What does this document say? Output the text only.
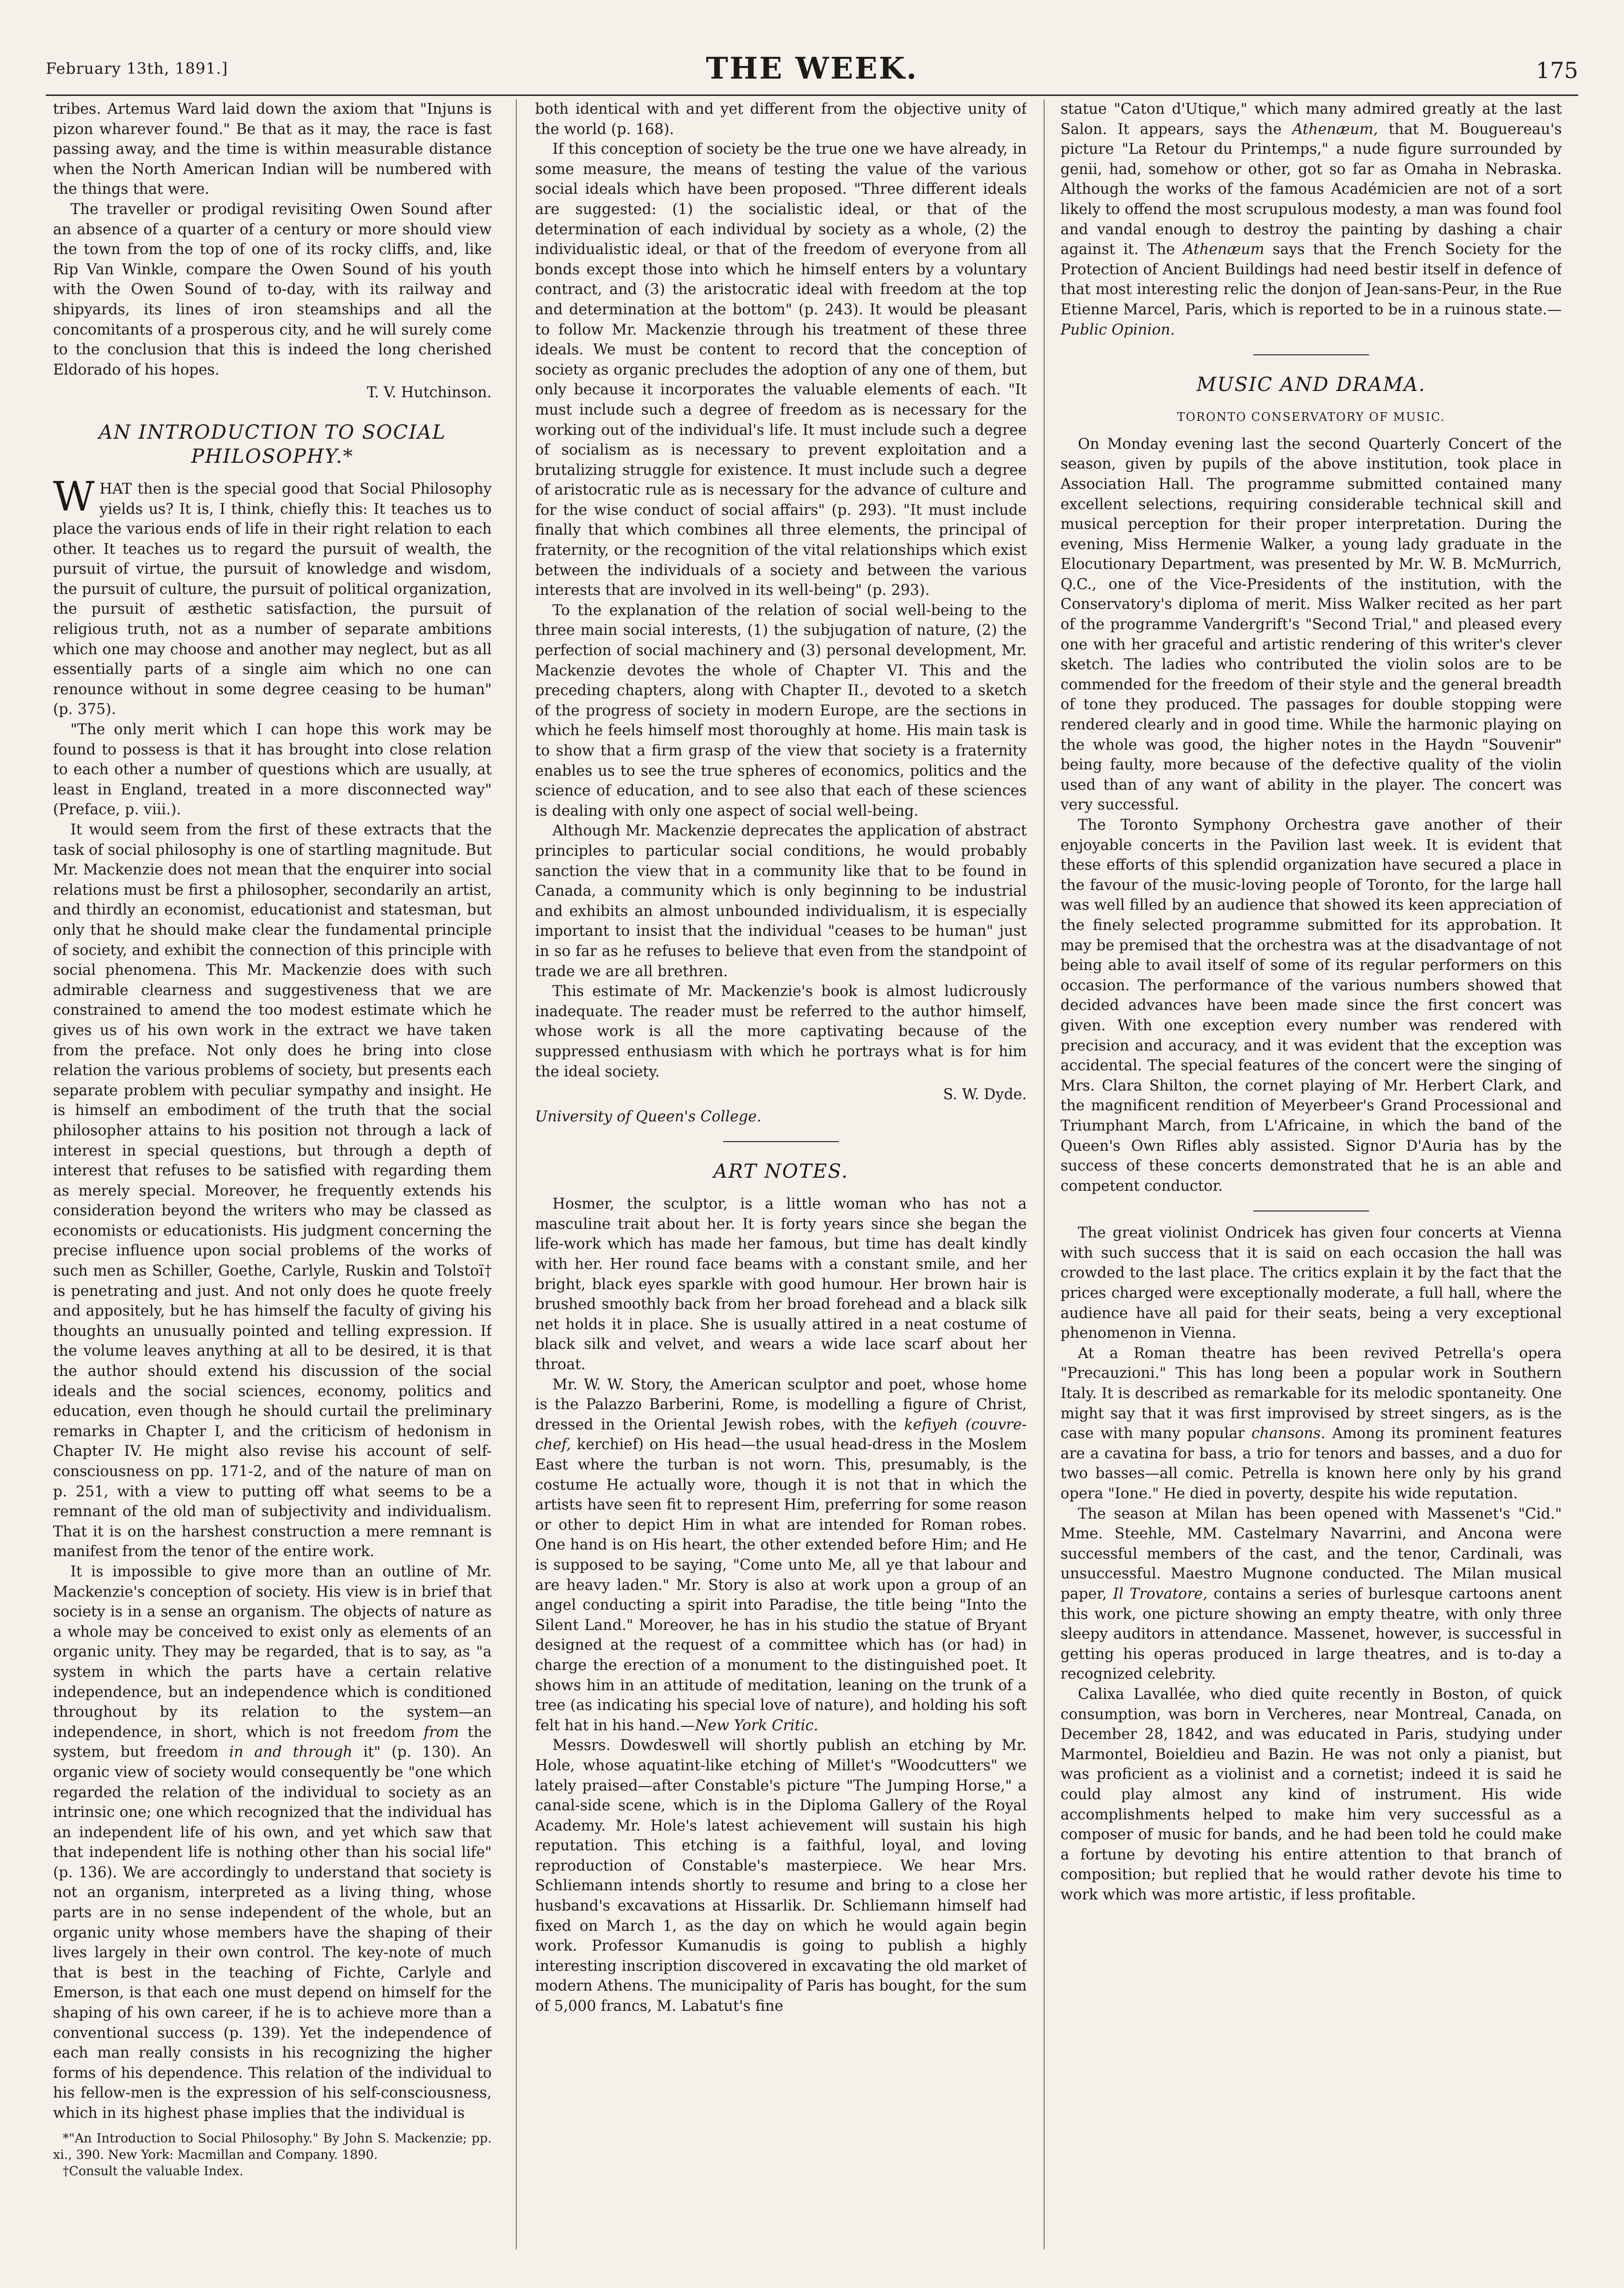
February 13th, 1891.]	THE WEEK.	175

tribes. Artemus Ward laid down the axiom that "Injuns is pizon wharever found." Be that as it may, the race is fast passing away, and the time is within measurable distance when the North American Indian will be numbered with the things that were.

The traveller or prodigal revisiting Owen Sound after an absence of a quarter of a century or more should view the town from the top of one of its rocky cliffs, and, like Rip Van Winkle, compare the Owen Sound of his youth with the Owen Sound of to-day, with its railway and shipyards, its lines of iron steamships and all the concomitants of a prosperous city, and he will surely come to the conclusion that this is indeed the long cherished Eldorado of his hopes.

T. V. Hutchinson.

AN INTRODUCTION TO SOCIAL PHILOSOPHY.*

WHAT then is the special good that Social Philosophy yields us? It is, I think, chiefly this: It teaches us to place the various ends of life in their right relation to each other. It teaches us to regard the pursuit of wealth, the pursuit of virtue, the pursuit of knowledge and wisdom, the pursuit of culture, the pursuit of political organization, the pursuit of æsthetic satisfaction, the pursuit of religious truth, not as a number of separate ambitions which one may choose and another may neglect, but as all essentially parts of a single aim which no one can renounce without in some degree ceasing to be human" (p. 375).

"The only merit which I can hope this work may be found to possess is that it has brought into close relation to each other a number of questions which are usually, at least in England, treated in a more disconnected way" (Preface, p. viii.).

It would seem from the first of these extracts that the task of social philosophy is one of startling magnitude. But Mr. Mackenzie does not mean that the enquirer into social relations must be first a philosopher, secondarily an artist, and thirdly an economist, educationist and statesman, but only that he should make clear the fundamental principle of society, and exhibit the connection of this principle with social phenomena. This Mr. Mackenzie does with such admirable clearness and suggestiveness that we are constrained to amend the too modest estimate which he gives us of his own work in the extract we have taken from the preface. Not only does he bring into close relation the various problems of society, but presents each separate problem with peculiar sympathy and insight. He is himself an embodiment of the truth that the social philosopher attains to his position not through a lack of interest in special questions, but through a depth of interest that refuses to be satisfied with regarding them as merely special. Moreover, he frequently extends his consideration beyond the writers who may be classed as economists or educationists. His judgment concerning the precise influence upon social problems of the works of such men as Schiller, Goethe, Carlyle, Ruskin and Tolstoï† is penetrating and just. And not only does he quote freely and appositely, but he has himself the faculty of giving his thoughts an unusually pointed and telling expression. If the volume leaves anything at all to be desired, it is that the author should extend his discussion of the social ideals and the social sciences, economy, politics and education, even though he should curtail the preliminary remarks in Chapter I, and the criticism of hedonism in Chapter IV. He might also revise his account of self-consciousness on pp. 171-2, and of the nature of man on p. 251, with a view to putting off what seems to be a remnant of the old man of subjectivity and individualism. That it is on the harshest construction a mere remnant is manifest from the tenor of the entire work.

It is impossible to give more than an outline of Mr. Mackenzie's conception of society. His view is in brief that society is in a sense an organism. The objects of nature as a whole may be conceived to exist only as elements of an organic unity. They may be regarded, that is to say, as "a system in which the parts have a certain relative independence, but an independence which is conditioned throughout by its relation to the system—an independence, in short, which is not freedom from the system, but freedom in and through it" (p. 130). An organic view of society would consequently be "one which regarded the relation of the individual to society as an intrinsic one; one which recognized that the individual has an independent life of his own, and yet which saw that that independent life is nothing other than his social life" (p. 136). We are accordingly to understand that society is not an organism, interpreted as a living thing, whose parts are in no sense independent of the whole, but an organic unity whose members have the shaping of their lives largely in their own control. The key-note of much that is best in the teaching of Fichte, Carlyle and Emerson, is that each one must depend on himself for the shaping of his own career, if he is to achieve more than a conventional success (p. 139). Yet the independence of each man really consists in his recognizing the higher forms of his dependence. This relation of the individual to his fellow-men is the expression of his self-consciousness, which in its highest phase implies that the individual is

*"An Introduction to Social Philosophy." By John S. Mackenzie; pp. xi., 390. New York: Macmillan and Company. 1890.

†Consult the valuable Index.

both identical with and yet different from the objective unity of the world (p. 168).

If this conception of society be the true one we have already, in some measure, the means of testing the value of the various social ideals which have been proposed. "Three different ideals are suggested: (1) the socialistic ideal, or that of the determination of each individual by society as a whole, (2) the individualistic ideal, or that of the freedom of everyone from all bonds except those into which he himself enters by a voluntary contract, and (3) the aristocratic ideal with freedom at the top and determination at the bottom" (p. 243). It would be pleasant to follow Mr. Mackenzie through his treatment of these three ideals. We must be content to record that the conception of society as organic precludes the adoption of any one of them, but only because it incorporates the valuable elements of each. "It must include such a degree of freedom as is necessary for the working out of the individual's life. It must include such a degree of socialism as is necessary to prevent exploitation and a brutalizing struggle for existence. It must include such a degree of aristocratic rule as is necessary for the advance of culture and for the wise conduct of social affairs" (p. 293). "It must include finally that which combines all three elements, the principal of fraternity, or the recognition of the vital relationships which exist between the individuals of a society and between the various interests that are involved in its well-being" (p. 293).

To the explanation of the relation of social well-being to the three main social interests, (1) the subjugation of nature, (2) the perfection of social machinery and (3) personal development, Mr. Mackenzie devotes the whole of Chapter VI. This and the preceding chapters, along with Chapter II., devoted to a sketch of the progress of society in modern Europe, are the sections in which he feels himself most thoroughly at home. His main task is to show that a firm grasp of the view that society is a fraternity enables us to see the true spheres of economics, politics and the science of education, and to see also that each of these sciences is dealing with only one aspect of social well-being.

Although Mr. Mackenzie deprecates the application of abstract principles to particular social conditions, he would probably sanction the view that in a community like that to be found in Canada, a community which is only beginning to be industrial and exhibits an almost unbounded individualism, it is especially important to insist that the individual "ceases to be human" just in so far as he refuses to believe that even from the standpoint of trade we are all brethren.

This estimate of Mr. Mackenzie's book is almost ludicrously inadequate. The reader must be referred to the author himself, whose work is all the more captivating because of the suppressed enthusiasm with which he portrays what is for him the ideal society.

S. W. Dyde.

University of Queen's College.

ART NOTES.

Hosmer, the sculptor, is a little woman who has not a masculine trait about her. It is forty years since she began the life-work which has made her famous, but time has dealt kindly with her. Her round face beams with a constant smile, and her bright, black eyes sparkle with good humour. Her brown hair is brushed smoothly back from her broad forehead and a black silk net holds it in place. She is usually attired in a neat costume of black silk and velvet, and wears a wide lace scarf about her throat.

Mr. W. W. Story, the American sculptor and poet, whose home is the Palazzo Barberini, Rome, is modelling a figure of Christ, dressed in the Oriental Jewish robes, with the kefiyeh (couvre-chef, kerchief) on His head—the usual head-dress in the Moslem East where the turban is not worn. This, presumably, is the costume He actually wore, though it is not that in which the artists have seen fit to represent Him, preferring for some reason or other to depict Him in what are intended for Roman robes. One hand is on His heart, the other extended before Him; and He is supposed to be saying, "Come unto Me, all ye that labour and are heavy laden." Mr. Story is also at work upon a group of an angel conducting a spirit into Paradise, the title being "Into the Silent Land." Moreover, he has in his studio the statue of Bryant designed at the request of a committee which has (or had) in charge the erection of a monument to the distinguished poet. It shows him in an attitude of meditation, leaning on the trunk of a tree (as indicating his special love of nature), and holding his soft felt hat in his hand.—New York Critic.

Messrs. Dowdeswell will shortly publish an etching by Mr. Hole, whose aquatint-like etching of Millet's "Woodcutters" we lately praised—after Constable's picture "The Jumping Horse," a canal-side scene, which is in the Diploma Gallery of the Royal Academy. Mr. Hole's latest achievement will sustain his high reputation. This etching is a faithful, loyal, and loving reproduction of Constable's masterpiece. We hear Mrs. Schliemann intends shortly to resume and bring to a close her husband's excavations at Hissarlik. Dr. Schliemann himself had fixed on March 1, as the day on which he would again begin work. Professor Kumanudis is going to publish a highly interesting inscription discovered in excavating the old market of modern Athens. The municipality of Paris has bought, for the sum of 5,000 francs, M. Labatut's fine

statue "Caton d'Utique," which many admired greatly at the last Salon. It appears, says the Athenæum, that M. Bouguereau's picture "La Retour du Printemps," a nude figure surrounded by genii, had, somehow or other, got so far as Omaha in Nebraska. Although the works of the famous Académicien are not of a sort likely to offend the most scrupulous modesty, a man was found fool and vandal enough to destroy the painting by dashing a chair against it. The Athenæum says that the French Society for the Protection of Ancient Buildings had need bestir itself in defence of that most interesting relic the donjon of Jean-sans-Peur, in the Rue Etienne Marcel, Paris, which is reported to be in a ruinous state.—Public Opinion.

MUSIC AND DRAMA.
TORONTO CONSERVATORY OF MUSIC.

On Monday evening last the second Quarterly Concert of the season, given by pupils of the above institution, took place in Association Hall. The programme submitted contained many excellent selections, requiring considerable technical skill and musical perception for their proper interpretation. During the evening, Miss Hermenie Walker, a young lady graduate in the Elocutionary Department, was presented by Mr. W. B. McMurrich, Q.C., one of the Vice-Presidents of the institution, with the Conservatory's diploma of merit. Miss Walker recited as her part of the programme Vandergrift's "Second Trial," and pleased every one with her graceful and artistic rendering of this writer's clever sketch. The ladies who contributed the violin solos are to be commended for the freedom of their style and the general breadth of tone they produced. The passages for double stopping were rendered clearly and in good time. While the harmonic playing on the whole was good, the higher notes in the Haydn "Souvenir" being faulty, more because of the defective quality of the violin used than of any want of ability in the player. The concert was very successful.

The Toronto Symphony Orchestra gave another of their enjoyable concerts in the Pavilion last week. It is evident that these efforts of this splendid organization have secured a place in the favour of the music-loving people of Toronto, for the large hall was well filled by an audience that showed its keen appreciation of the finely selected programme submitted for its approbation. It may be premised that the orchestra was at the disadvantage of not being able to avail itself of some of its regular performers on this occasion. The performance of the various numbers showed that decided advances have been made since the first concert was given. With one exception every number was rendered with precision and accuracy, and it was evident that the exception was accidental. The special features of the concert were the singing of Mrs. Clara Shilton, the cornet playing of Mr. Herbert Clark, and the magnificent rendition of Meyerbeer's Grand Processional and Triumphant March, from L'Africaine, in which the band of the Queen's Own Rifles ably assisted. Signor D'Auria has by the success of these concerts demonstrated that he is an able and competent conductor.

The great violinist Ondricek has given four concerts at Vienna with such success that it is said on each occasion the hall was crowded to the last place. The critics explain it by the fact that the prices charged were exceptionally moderate, a full hall, where the audience have all paid for their seats, being a very exceptional phenomenon in Vienna.

At a Roman theatre has been revived Petrella's opera "Precauzioni." This has long been a popular work in Southern Italy. It is described as remarkable for its melodic spontaneity. One might say that it was first improvised by street singers, as is the case with many popular chansons. Among its prominent features are a cavatina for bass, a trio for tenors and basses, and a duo for two basses—all comic. Petrella is known here only by his grand opera "Ione." He died in poverty, despite his wide reputation.

The season at Milan has been opened with Massenet's "Cid." Mme. Steehle, MM. Castelmary Navarrini, and Ancona were successful members of the cast, and the tenor, Cardinali, was unsuccessful. Maestro Mugnone conducted. The Milan musical paper, Il Trovatore, contains a series of burlesque cartoons anent this work, one picture showing an empty theatre, with only three sleepy auditors in attendance. Massenet, however, is successful in getting his operas produced in large theatres, and is to-day a recognized celebrity.

Calixa Lavallée, who died quite recently in Boston, of quick consumption, was born in Vercheres, near Montreal, Canada, on December 28, 1842, and was educated in Paris, studying under Marmontel, Boieldieu and Bazin. He was not only a pianist, but was proficient as a violinist and a cornetist; indeed it is said he could play almost any kind of instrument. His wide accomplishments helped to make him very successful as a composer of music for bands, and he had been told he could make a fortune by devoting his entire attention to that branch of composition; but replied that he would rather devote his time to work which was more artistic, if less profitable.
